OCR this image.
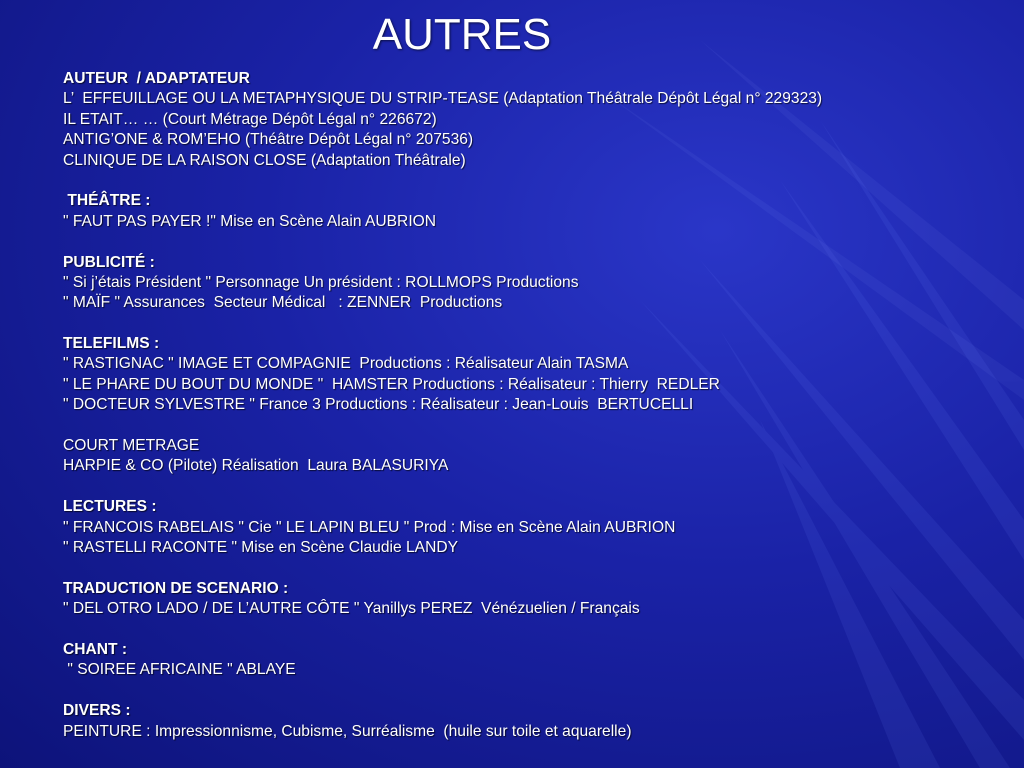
AUTRES
AUTEUR  / ADAPTATEUR
L’  EFFEUILLAGE OU LA METAPHYSIQUE DU STRIP-TEASE (Adaptation Théâtrale Dépôt Légal n° 229323)
IL ETAIT… … (Court Métrage Dépôt Légal n° 226672)
ANTIG’ONE & ROM’EHO (Théâtre Dépôt Légal n° 207536)
CLINIQUE DE LA RAISON CLOSE (Adaptation Théâtrale)
THÉÂTRE :
" FAUT PAS PAYER !" Mise en Scène Alain AUBRION
PUBLICITÉ :
" Si j’étais Président " Personnage Un président : ROLLMOPS Productions
" MAÏF " Assurances  Secteur Médical   : ZENNER  Productions
TELEFILMS :
" RASTIGNAC " IMAGE ET COMPAGNIE  Productions : Réalisateur Alain TASMA
" LE PHARE DU BOUT DU MONDE "  HAMSTER Productions : Réalisateur : Thierry  REDLER
" DOCTEUR SYLVESTRE " France 3 Productions : Réalisateur : Jean-Louis  BERTUCELLI
COURT METRAGE
HARPIE & CO (Pilote) Réalisation  Laura BALASURIYA
LECTURES :
" FRANCOIS RABELAIS " Cie " LE LAPIN BLEU " Prod : Mise en Scène Alain AUBRION
" RASTELLI RACONTE " Mise en Scène Claudie LANDY
TRADUCTION DE SCENARIO :
" DEL OTRO LADO / DE L’AUTRE CÔTE " Yanillys PEREZ  Vénézuelien / Français
CHANT :
" SOIREE AFRICAINE " ABLAYE
DIVERS :
PEINTURE : Impressionnisme, Cubisme, Surréalisme  (huile sur toile et aquarelle)
